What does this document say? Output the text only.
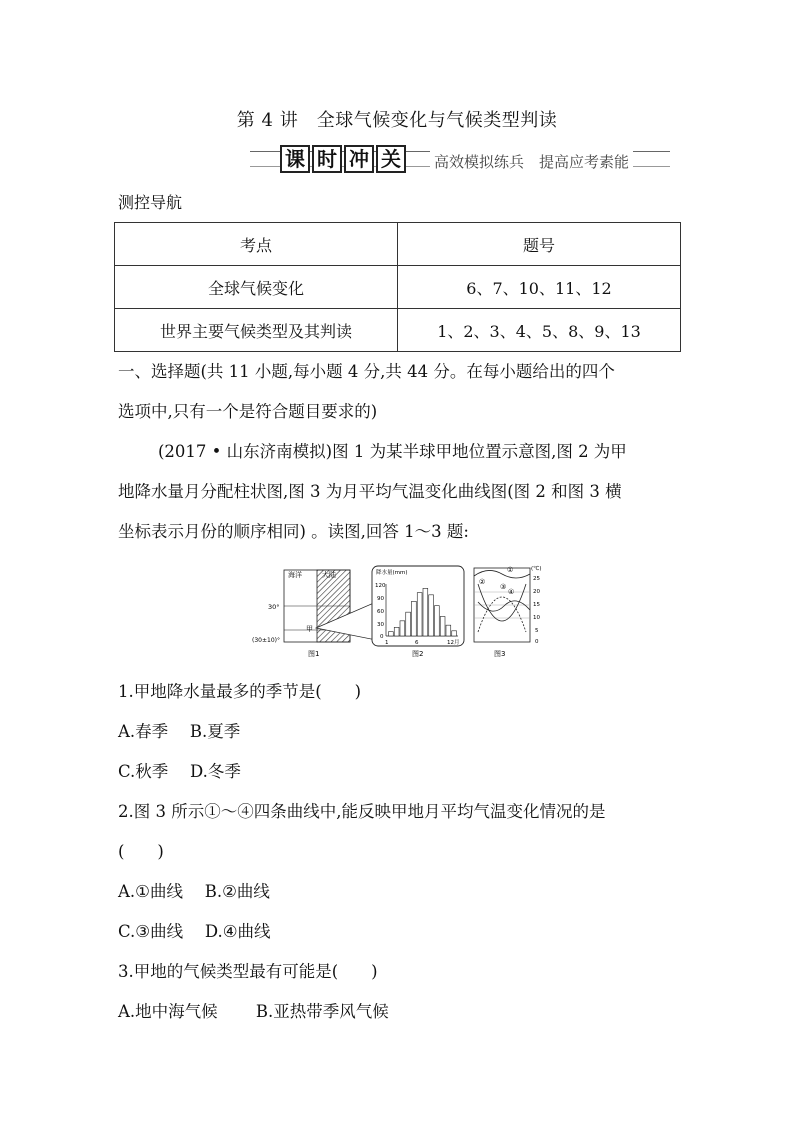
第 4 讲　全球气候变化与气候类型判读
课 时 冲 关	高效模拟练兵　提高应考素能
测控导航
考点	题号
全球气候变化	6、7、10、11、12
世界主要气候类型及其判读	1、2、3、4、5、8、9、13
一、选择题(共 11 小题,每小题 4 分,共 44 分。在每小题给出的四个
选项中,只有一个是符合题目要求的)
(2017 • 山东济南模拟)图 1 为某半球甲地位置示意图,图 2 为甲
地降水量月分配柱状图,图 3 为月平均气温变化曲线图(图 2 和图 3 横
坐标表示月份的顺序相同) 。读图,回答 1～3 题:
海洋	大陆
30°
(30±10)°
甲
图1
降水量(mm)
120
90
60
30
0
1	6	12月
图2
①
②
③
④
(℃)
25
20
15
10
5
0
图3
1.甲地降水量最多的季节是(　　)
A.春季　 B.夏季
C.秋季　 D.冬季
2.图 3 所示①～④四条曲线中,能反映甲地月平均气温变化情况的是
(　　)
A.①曲线　 B.②曲线
C.③曲线　 D.④曲线
3.甲地的气候类型最有可能是(　　)
A.地中海气候　　 B.亚热带季风气候
